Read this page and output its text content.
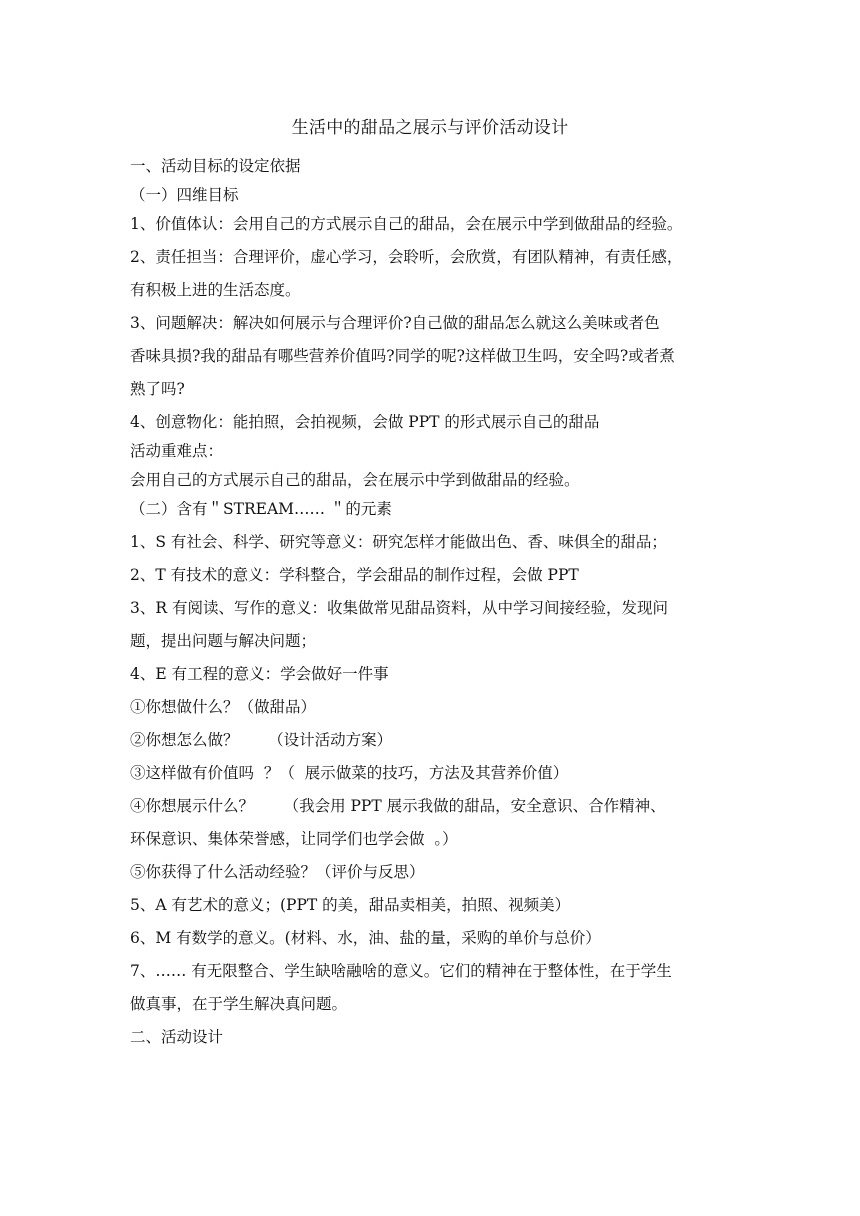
生活中的甜品之展示与评价活动设计

一、活动目标的设定依据

（一）四维目标

1、价值体认：会用自己的方式展示自己的甜品，会在展示中学到做甜品的经验。

2、责任担当：合理评价，虚心学习，会聆听，会欣赏，有团队精神，有责任感，

有积极上进的生活态度。

3、问题解决：解决如何展示与合理评价?自己做的甜品怎么就这么美味或者色

香味具损?我的甜品有哪些营养价值吗?同学的呢?这样做卫生吗，安全吗?或者煮

熟了吗?

4、创意物化：能拍照，会拍视频，会做 PPT 的形式展示自己的甜品

活动重难点：

会用自己的方式展示自己的甜品，会在展示中学到做甜品的经验。

（二）含有＂STREAM…… ＂的元素

1、S 有社会、科学、研究等意义：研究怎样才能做出色、香、味俱全的甜品；

2、T 有技术的意义：学科整合，学会甜品的制作过程，会做 PPT

3、R 有阅读、写作的意义：收集做常见甜品资料，从中学习间接经验，发现问

题，提出问题与解决问题；

4、E 有工程的意义：学会做好一件事

①你想做什么？（做甜品）

②你想怎么做？      （设计活动方案）

③这样做有价值吗  ？（  展示做菜的技巧，方法及其营养价值）

④你想展示什么？      （我会用 PPT 展示我做的甜品，安全意识、合作精神、

环保意识、集体荣誉感，让同学们也学会做  。）

⑤你获得了什么活动经验？（评价与反思）

5、A 有艺术的意义；(PPT 的美，甜品卖相美，拍照、视频美）

6、M 有数学的意义。(材料、水，油、盐的量，采购的单价与总价）

7、…… 有无限整合、学生缺啥融啥的意义。它们的精神在于整体性，在于学生

做真事，在于学生解决真问题。

二、活动设计
